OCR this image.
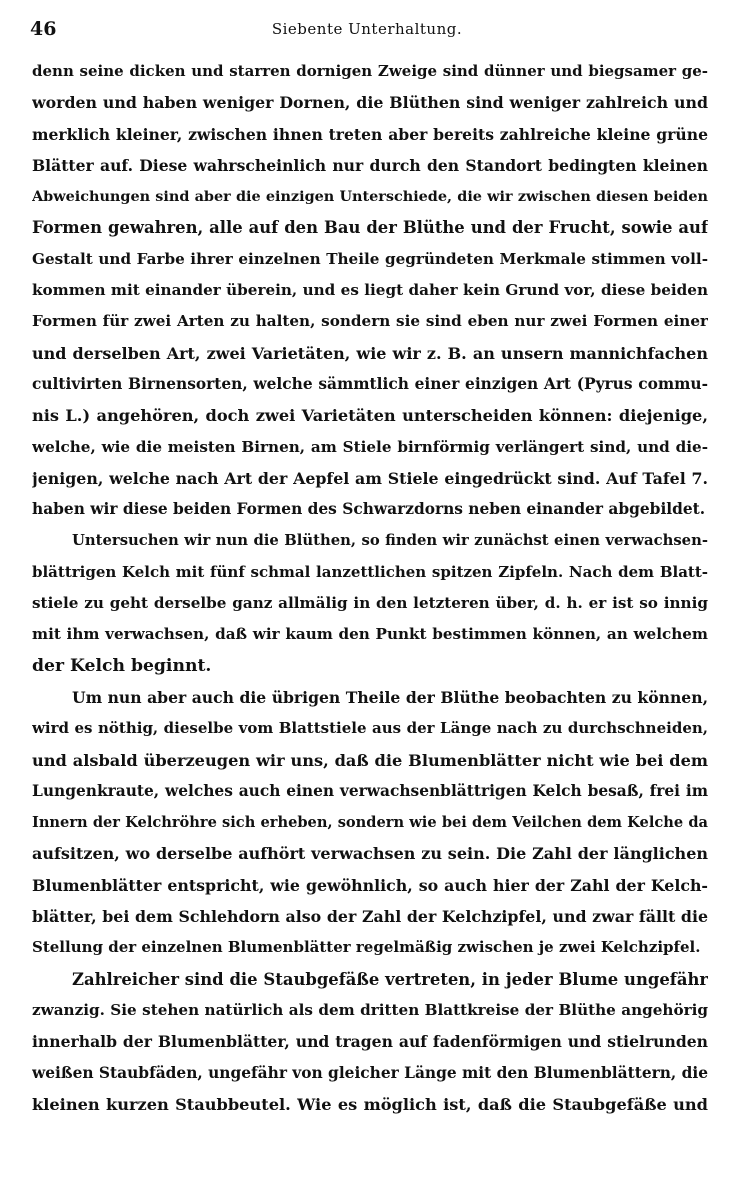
46	Siebente Unterhaltung.
denn seine dicken und starren dornigen Zweige sind dünner und biegsamer ge-
worden und haben weniger Dornen, die Blüthen sind weniger zahlreich und
merklich kleiner, zwischen ihnen treten aber bereits zahlreiche kleine grüne
Blätter auf. Diese wahrscheinlich nur durch den Standort bedingten kleinen
Abweichungen sind aber die einzigen Unterschiede, die wir zwischen diesen beiden
Formen gewahren, alle auf den Bau der Blüthe und der Frucht, sowie auf
Gestalt und Farbe ihrer einzelnen Theile gegründeten Merkmale stimmen voll-
kommen mit einander überein, und es liegt daher kein Grund vor, diese beiden
Formen für zwei Arten zu halten, sondern sie sind eben nur zwei Formen einer
und derselben Art, zwei Varietäten, wie wir z. B. an unsern mannichfachen
cultivirten Birnensorten, welche sämmtlich einer einzigen Art (Pyrus commu-
nis L.) angehören, doch zwei Varietäten unterscheiden können: diejenige,
welche, wie die meisten Birnen, am Stiele birnförmig verlängert sind, und die-
jenigen, welche nach Art der Aepfel am Stiele eingedrückt sind. Auf Tafel 7.
haben wir diese beiden Formen des Schwarzdorns neben einander abgebildet.
Untersuchen wir nun die Blüthen, so finden wir zunächst einen verwachsen-
blättrigen Kelch mit fünf schmal lanzettlichen spitzen Zipfeln. Nach dem Blatt-
stiele zu geht derselbe ganz allmälig in den letzteren über, d. h. er ist so innig
mit ihm verwachsen, daß wir kaum den Punkt bestimmen können, an welchem
der Kelch beginnt.
Um nun aber auch die übrigen Theile der Blüthe beobachten zu können,
wird es nöthig, dieselbe vom Blattstiele aus der Länge nach zu durchschneiden,
und alsbald überzeugen wir uns, daß die Blumenblätter nicht wie bei dem
Lungenkraute, welches auch einen verwachsenblättrigen Kelch besaß, frei im
Innern der Kelchröhre sich erheben, sondern wie bei dem Veilchen dem Kelche da
aufsitzen, wo derselbe aufhört verwachsen zu sein. Die Zahl der länglichen
Blumenblätter entspricht, wie gewöhnlich, so auch hier der Zahl der Kelch-
blätter, bei dem Schlehdorn also der Zahl der Kelchzipfel, und zwar fällt die
Stellung der einzelnen Blumenblätter regelmäßig zwischen je zwei Kelchzipfel.
Zahlreicher sind die Staubgefäße vertreten, in jeder Blume ungefähr
zwanzig. Sie stehen natürlich als dem dritten Blattkreise der Blüthe angehörig
innerhalb der Blumenblätter, und tragen auf fadenförmigen und stielrunden
weißen Staubfäden, ungefähr von gleicher Länge mit den Blumenblättern, die
kleinen kurzen Staubbeutel. Wie es möglich ist, daß die Staubgefäße und
